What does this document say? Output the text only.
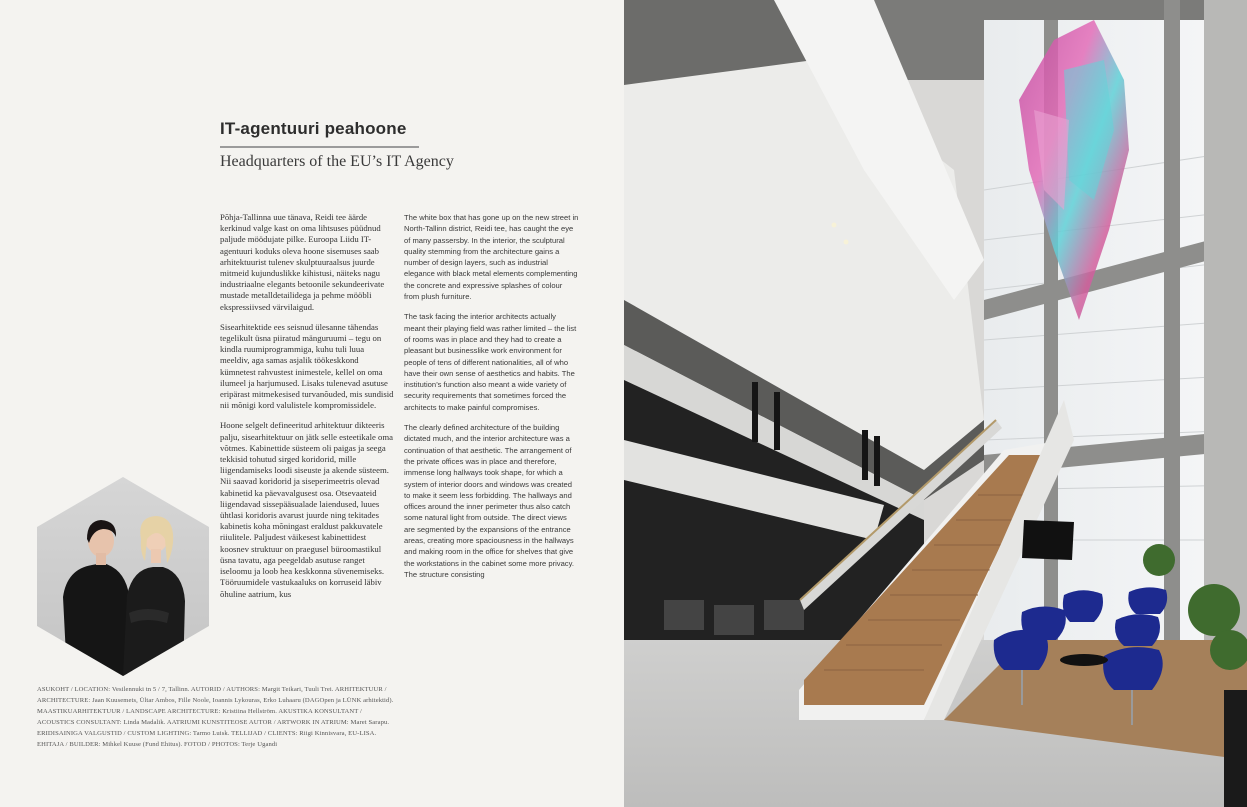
IT-agentuuri peahoone
Headquarters of the EU’s IT Agency

Põhja-Tallinna uue tänava, Reidi tee äärde kerkinud valge kast on oma lihtsuses püüdnud paljude möödujate pilke. Euroopa Liidu IT-agentuuri koduks oleva hoone sisemuses saab arhitektuurist tulenev skulptuuraalsus juurde mitmeid kujunduslikke kihistusi, näiteks nagu industriaalne elegants betoonile sekundeerivate mustade metalldetailidega ja pehme mööbli ekspressiivsed värvilaigud.

Sisearhitektide ees seisnud ülesanne tähendas tegelikult üsna piiratud mänguruumi – tegu on kindla ruumiprogrammiga, kuhu tuli luua meeldiv, aga samas asjalik töökeskkond kümnetest rahvustest inimestele, kellel on oma ilumeel ja harjumused. Lisaks tulenevad asutuse eripärast mitmekesised turvanõuded, mis sundisid nii mõnigi kord valulistele kompromissidele.

Hoone selgelt defineeritud arhitektuur dikteeris palju, sisearhitektuur on jätk selle esteetikale oma võtmes. Kabinettide süsteem oli paigas ja seega tekkisid tohutud sirged koridorid, mille liigendamiseks loodi siseuste ja akende süsteem. Nii saavad koridorid ja siseperimeetris olevad kabinetid ka päevavalgusest osa. Otsevaateid liigendavad sissepääsualade laiendused, luues ühtlasi koridoris avarust juurde ning tekitades kabinetis koha mõningast eraldust pakkuvatele riiulitele. Paljudest väikesest kabinettidest koosnev struktuur on praegusel büroomastikul üsna tavatu, aga peegeldab asutuse ranget iseloomu ja loob hea keskkonna süvenemiseks. Tööruumidele vastukaaluks on korruseid läbiv õhuline aatrium, kus

The white box that has gone up on the new street in North-Tallinn district, Reidi tee, has caught the eye of many passersby. In the interior, the sculptural quality stemming from the architecture gains a number of design layers, such as industrial elegance with black metal elements complementing the concrete and expressive splashes of colour from plush furniture.

The task facing the interior architects actually meant their playing field was rather limited – the list of rooms was in place and they had to create a pleasant but businesslike work environment for people of tens of different nationalities, all of who have their own sense of aesthetics and habits. The institution’s function also meant a wide variety of security requirements that sometimes forced the architects to make painful compromises.

The clearly defined architecture of the building dictated much, and the interior architecture was a continuation of that aesthetic. The arrangement of the private offices was in place and therefore, immense long hallways took shape, for which a system of interior doors and windows was created to make it seem less forbidding. The hallways and offices around the inner perimeter thus also catch some natural light from outside. The direct views are segmented by the expansions of the entrance areas, creating more spaciousness in the hallways and making room in the office for shelves that give the workstations in the cabinet some more privacy. The structure consisting

ASUKOHT / LOCATION: Vesilennuki tn 5 / 7, Tallinn. AUTORID / AUTHORS: Margit Teikari, Tuuli Trei. ARHITEKTUUR / ARCHITECTURE: Jaan Kuusemets, Ültar Ambos, Fille Noole, Ioannis Lykouras, Erko Luhaaru (DAGOpen ja LÜNK arhitektid). MAASTIKUARHITEKTUUR / LANDSCAPE ARCHITECTURE: Kristiina Hellström. AKUSTIKA KONSULTANT / ACOUSTICS CONSULTANT: Linda Madalik. AATRIUMI KUNSTITEOSE AUTOR / ARTWORK IN ATRIUM: Maret Sarapu. ERIDISAINIGA VALGUSTID / CUSTOM LIGHTING: Tarmo Luisk. TELLIJAD / CLIENTS: Riigi Kinnisvara, EU-LISA. EHITAJA / BUILDER: Mihkel Kuuse (Fund Ehitus). FOTOD / PHOTOS: Terje Ugandi
